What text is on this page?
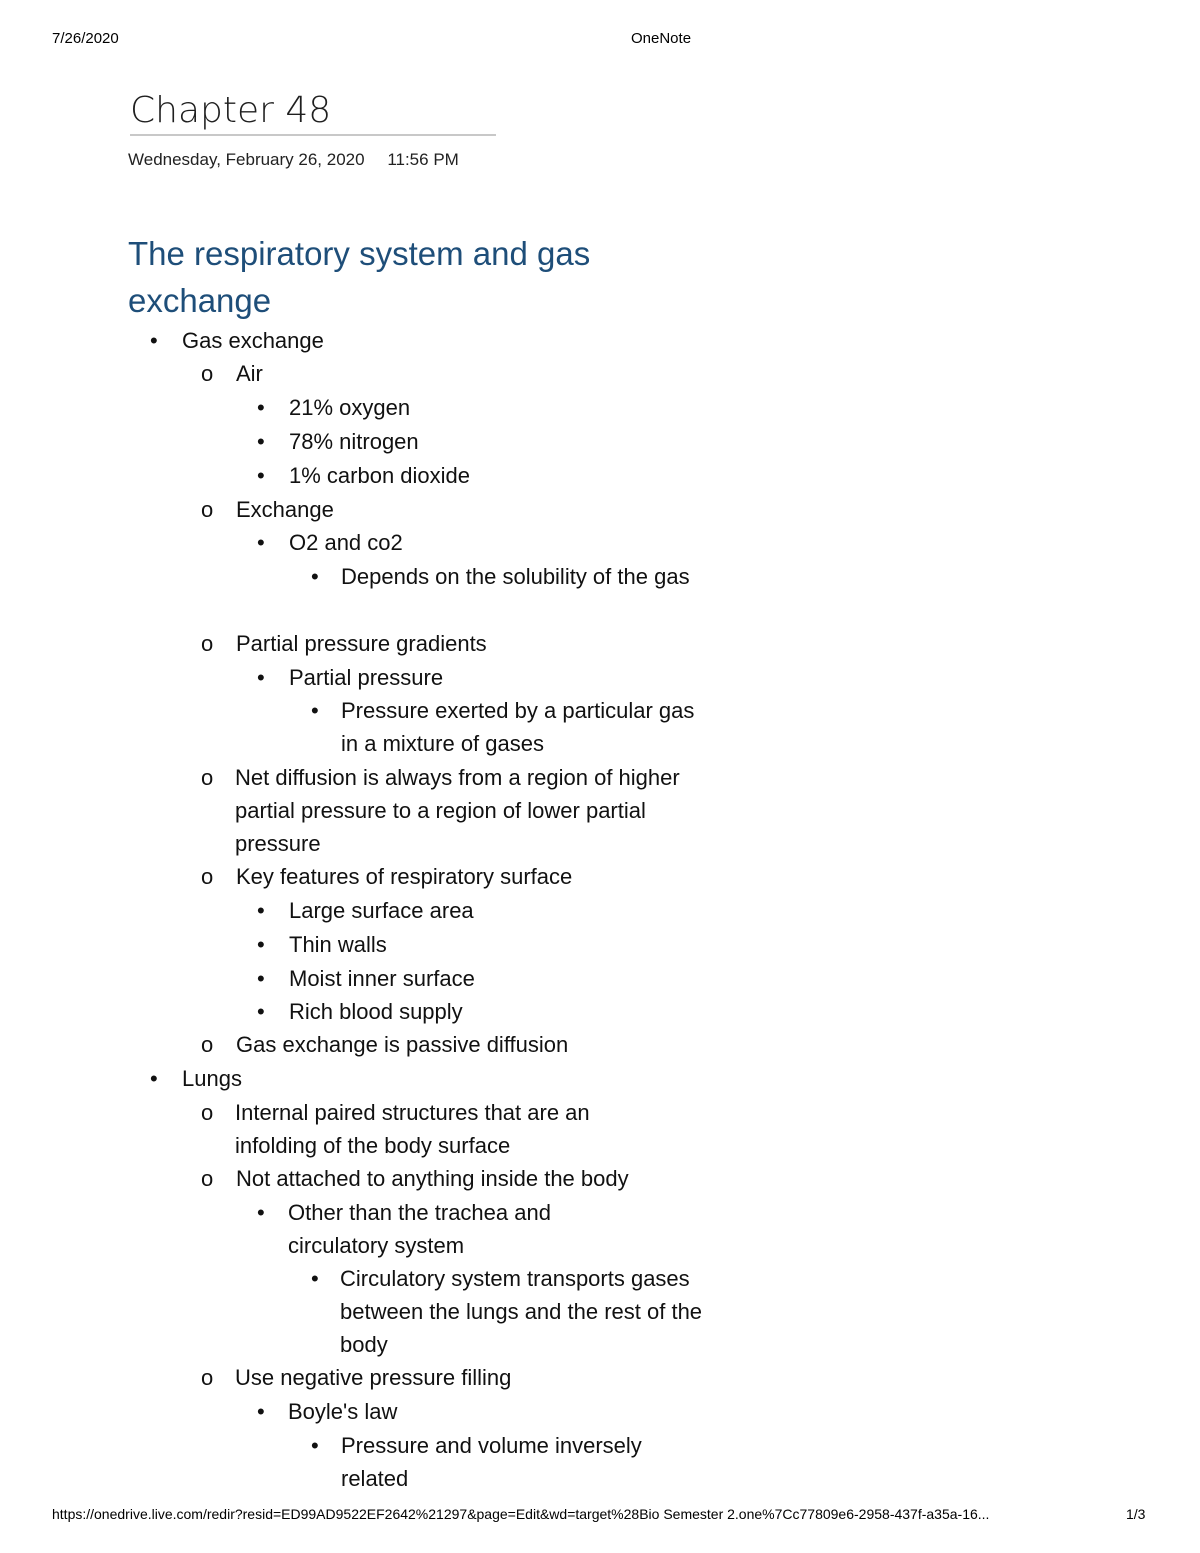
7/26/2020	OneNote
Chapter 48
Wednesday, February 26, 2020 11:56 PM
The respiratory system and gas exchange
•
Gas exchange
o
Air
•
21% oxygen
•
78% nitrogen
•
1% carbon dioxide
o
Exchange
•
O2 and co2
•
Depends on the solubility of the gas
o
Partial pressure gradients
•
Partial pressure
•
Pressure exerted by a particular gas in a mixture of gases
o
Net diffusion is always from a region of higher partial pressure to a region of lower partial pressure
o
Key features of respiratory surface
•
Large surface area
•
Thin walls
•
Moist inner surface
•
Rich blood supply
o
Gas exchange is passive diffusion
•
Lungs
o
Internal paired structures that are an infolding of the body surface
o
Not attached to anything inside the body
•
Other than the trachea and circulatory system
•
Circulatory system transports gases between the lungs and the rest of the body
o
Use negative pressure filling
•
Boyle's law
•
Pressure and volume inversely related
https://onedrive.live.com/redir?resid=ED99AD9522EF2642%21297&page=Edit&wd=target%28Bio Semester 2.one%7Cc77809e6-2958-437f-a35a-16...	1/3
